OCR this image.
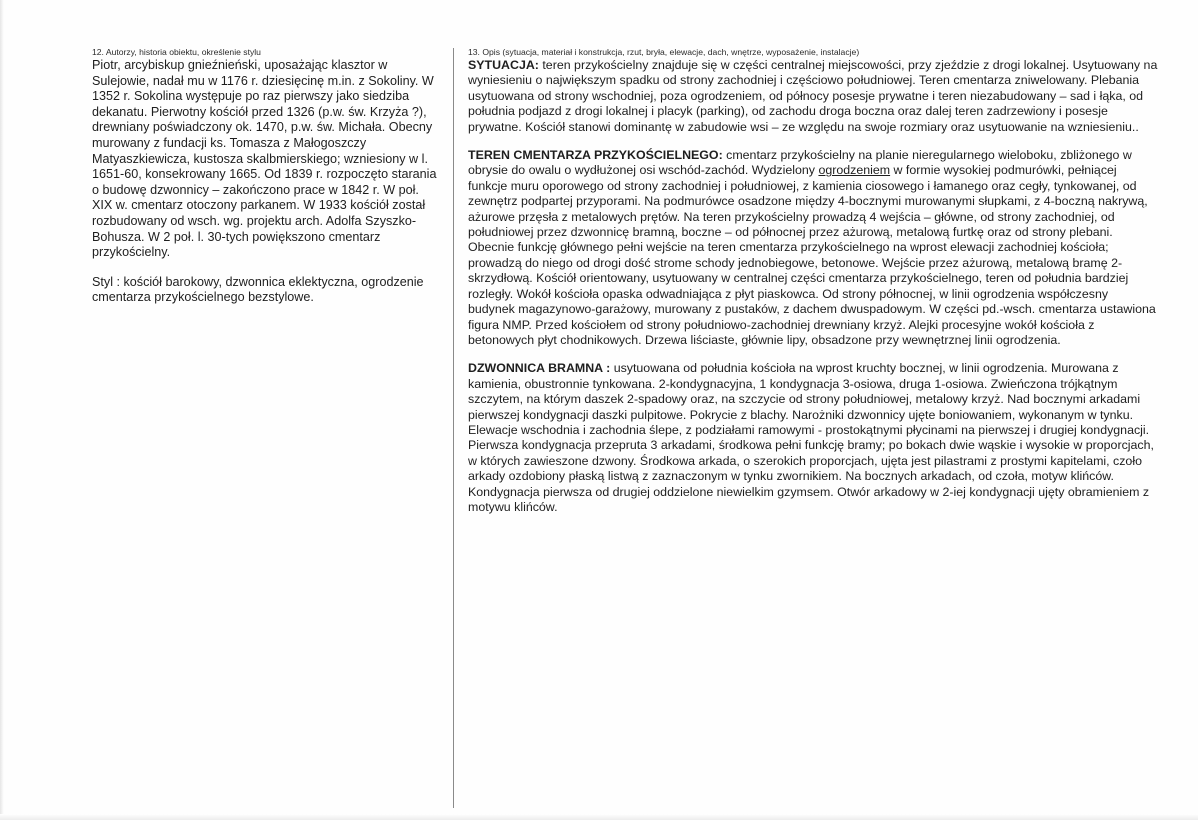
12. Autorzy, historia obiektu, określenie stylu

Piotr, arcybiskup gnieźnieński, uposażając klasztor w Sulejowie, nadał mu w 1176 r. dziesięcinę m.in. z Sokoliny. W 1352 r. Sokolina występuje po raz pierwszy jako siedziba dekanatu. Pierwotny kościół przed 1326 (p.w. św. Krzyża ?), drewniany poświadczony ok. 1470, p.w. św. Michała. Obecny murowany z fundacji ks. Tomasza z Małogoszczy Matyaszkiewicza, kustosza skalbmierskiego; wzniesiony w l. 1651-60, konsekrowany 1665. Od 1839 r. rozpoczęto starania o budowę dzwonnicy – zakończono prace w 1842 r. W poł. XIX w. cmentarz otoczony parkanem. W 1933 kościół został rozbudowany od wsch. wg. projektu arch. Adolfa Szyszko-Bohusza. W 2 poł. l. 30-tych powiększono cmentarz przykościelny.

Styl : kościół barokowy, dzwonnica eklektyczna, ogrodzenie cmentarza przykościelnego bezstylowe.

13. Opis (sytuacja, materiał i konstrukcja, rzut, bryła, elewacje, dach, wnętrze, wyposażenie, instalacje)

SYTUACJA: teren przykościelny znajduje się w części centralnej miejscowości, przy zjeździe z drogi lokalnej. Usytuowany na wyniesieniu o największym spadku od strony zachodniej i częściowo południowej. Teren cmentarza zniwelowany. Plebania usytuowana od strony wschodniej, poza ogrodzeniem, od północy posesje prywatne i teren niezabudowany – sad i łąka, od południa podjazd z drogi lokalnej i placyk (parking), od zachodu droga boczna oraz dalej teren zadrzewiony i posesje prywatne. Kościół stanowi dominantę w zabudowie wsi – ze względu na swoje rozmiary oraz usytuowanie na wzniesieniu..

TEREN CMENTARZA PRZYKOŚCIELNEGO: cmentarz przykościelny na planie nieregularnego wieloboku, zbliżonego w obrysie do owalu o wydłużonej osi wschód-zachód. Wydzielony ogrodzeniem w formie wysokiej podmurówki, pełniącej funkcje muru oporowego od strony zachodniej i południowej, z kamienia ciosowego i łamanego oraz cegły, tynkowanej, od zewnętrz podpartej przyporami. Na podmurówce osadzone między 4-bocznymi murowanymi słupkami, z 4-boczną nakrywą, ażurowe przęsła z metalowych prętów. Na teren przykościelny prowadzą 4 wejścia – główne, od strony zachodniej, od południowej przez dzwonnicę bramną, boczne – od północnej przez ażurową, metalową furtkę oraz od strony plebani. Obecnie funkcję głównego pełni wejście na teren cmentarza przykościelnego na wprost elewacji zachodniej kościoła; prowadzą do niego od drogi dość strome schody jednobiegowe, betonowe. Wejście przez ażurową, metalową bramę 2-skrzydłową. Kościół orientowany, usytuowany w centralnej części cmentarza przykościelnego, teren od południa bardziej rozległy. Wokół kościoła opaska odwadniająca z płyt piaskowca. Od strony północnej, w linii ogrodzenia współczesny budynek magazynowo-garażowy, murowany z pustaków, z dachem dwuspadowym. W części pd.-wsch. cmentarza ustawiona figura NMP. Przed kościołem od strony południowo-zachodniej drewniany krzyż. Alejki procesyjne wokół kościoła z betonowych płyt chodnikowych. Drzewa liściaste, głównie lipy, obsadzone przy wewnętrznej linii ogrodzenia.

DZWONNICA BRAMNA : usytuowana od południa kościoła na wprost kruchty bocznej, w linii ogrodzenia. Murowana z kamienia, obustronnie tynkowana. 2-kondygnacyjna, 1 kondygnacja 3-osiowa, druga 1-osiowa. Zwieńczona trójkątnym szczytem, na którym daszek 2-spadowy oraz, na szczycie od strony południowej, metalowy krzyż. Nad bocznymi arkadami pierwszej kondygnacji daszki pulpitowe. Pokrycie z blachy. Narożniki dzwonnicy ujęte boniowaniem, wykonanym w tynku. Elewacje wschodnia i zachodnia ślepe, z podziałami ramowymi - prostokątnymi płycinami na pierwszej i drugiej kondygnacji. Pierwsza kondygnacja przepruta 3 arkadami, środkowa pełni funkcję bramy; po bokach dwie wąskie i wysokie w proporcjach, w których zawieszone dzwony. Środkowa arkada, o szerokich proporcjach, ujęta jest pilastrami z prostymi kapitelami, czoło arkady ozdobiony płaską listwą z zaznaczonym w tynku zwornikiem. Na bocznych arkadach, od czoła, motyw klińców. Kondygnacja pierwsza od drugiej oddzielone niewielkim gzymsem. Otwór arkadowy w 2-iej kondygnacji ujęty obramieniem z motywu klińców.
